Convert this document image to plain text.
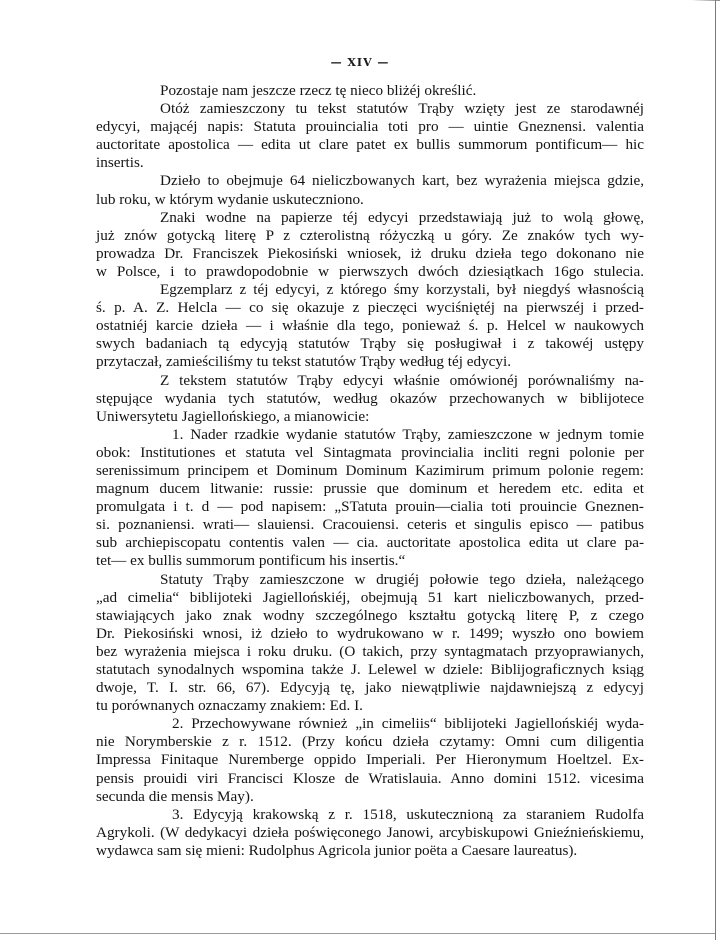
— XIV —
Pozostaje nam jeszcze rzecz tę nieco bliżéj określić.
Otóż zamieszczony tu tekst statutów Trąby wzięty jest ze starodawnéj
edycyi, mającéj napis: Statuta prouincialia toti pro — uintie Gneznensi. valentia
auctoritate apostolica — edita ut clare patet ex bullis summorum pontificum— hic
insertis.
Dzieło to obejmuje 64 nieliczbowanych kart, bez wyrażenia miejsca gdzie,
lub roku, w którym wydanie uskuteczniono.
Znaki wodne na papierze téj edycyi przedstawiają już to wolą głowę,
już znów gotycką literę P z czterolistną różyczką u góry. Ze znaków tych wy-
prowadza Dr. Franciszek Piekosiński wniosek, iż druku dzieła tego dokonano nie
w Polsce, i to prawdopodobnie w pierwszych dwóch dziesiątkach 16go stulecia.
Egzemplarz z téj edycyi, z którego śmy korzystali, był niegdyś własnością
ś. p. A. Z. Helcla — co się okazuje z pieczęci wyciśniętéj na pierwszéj i przed-
ostatniéj karcie dzieła — i właśnie dla tego, ponieważ ś. p. Helcel w naukowych
swych badaniach tą edycyją statutów Trąby się posługiwał i z takowéj ustępy
przytaczał, zamieściliśmy tu tekst statutów Trąby według téj edycyi.
Z tekstem statutów Trąby edycyi właśnie omówionéj porównaliśmy na-
stępujące wydania tych statutów, według okazów przechowanych w biblijotece
Uniwersytetu Jagiellońskiego, a mianowicie:
1. Nader rzadkie wydanie statutów Trąby, zamieszczone w jednym tomie
obok: Institutiones et statuta vel Sintagmata provincialia incliti regni polonie per
serenissimum principem et Dominum Dominum Kazimirum primum polonie regem:
magnum ducem litwanie: russie: prussie que dominum et heredem etc. edita et
promulgata i t. d — pod napisem: „STatuta prouin—cialia toti prouincie Gneznen-
si. poznaniensi. wrati— slauiensi. Cracouiensi. ceteris et singulis episco — patibus
sub archiepiscopatu contentis valen — cia. auctoritate apostolica edita ut clare pa-
tet— ex bullis summorum pontificum his insertis.“
Statuty Trąby zamieszczone w drugiéj połowie tego dzieła, należącego
„ad cimelia“ biblijoteki Jagiellońskiéj, obejmują 51 kart nieliczbowanych, przed-
stawiających jako znak wodny szczególnego kształtu gotycką literę P, z czego
Dr. Piekosiński wnosi, iż dzieło to wydrukowano w r. 1499; wyszło ono bowiem
bez wyrażenia miejsca i roku druku. (O takich, przy syntagmatach przyoprawianych,
statutach synodalnych wspomina także J. Lelewel w dziele: Biblijograficznych ksiąg
dwoje, T. I. str. 66, 67). Edycyją tę, jako niewątpliwie najdawniejszą z edycyj
tu porównanych oznaczamy znakiem: Ed. I.
2. Przechowywane również „in cimeliis“ biblijoteki Jagiellońskiéj wyda-
nie Norymberskie z r. 1512. (Przy końcu dzieła czytamy: Omni cum diligentia
Impressa Finitaque Nuremberge oppido Imperiali. Per Hieronymum Hoeltzel. Ex-
pensis prouidi viri Francisci Klosze de Wratislauia. Anno domini 1512. vicesima
secunda die mensis May).
3. Edycyją krakowską z r. 1518, uskutecznioną za staraniem Rudolfa
Agrykoli. (W dedykacyi dzieła poświęconego Janowi, arcybiskupowi Gnieźnieńskiemu,
wydawca sam się mieni: Rudolphus Agricola junior poëta a Caesare laureatus).
